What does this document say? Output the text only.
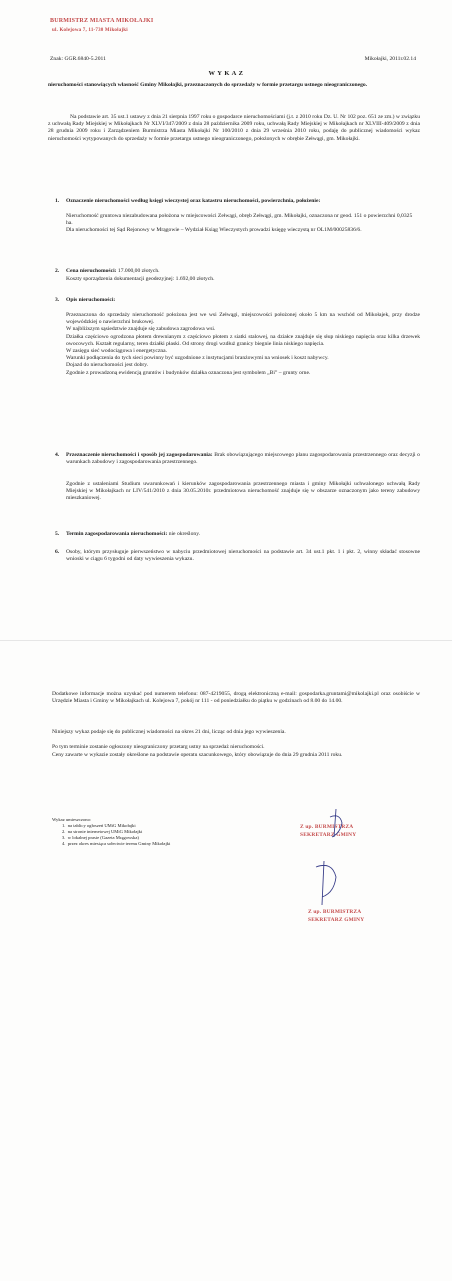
BURMISTRZ MIASTA MIKOŁAJKI
ul. Kolejowa 7, 11-730 Mikołajki
Znak: GGR.6840-5.2011	Mikołajki, 2011r.02.14
W Y K A Z
nieruchomości stanowiących własność Gminy Mikołajki, przeznaczonych do sprzedaży w formie przetargu ustnego nieograniczonego.
Na podstawie art. 35 ust.1 ustawy z dnia 21 sierpnia 1997 roku o gospodarce nieruchomościami (j.t. z 2010 roku Dz. U. Nr 102 poz. 651 ze zm.) w związku z uchwałą Rady Miejskiej w Mikołajkach Nr XLVI/347/2009 z dnia 28 października 2009 roku, uchwałą Rady Miejskiej w Mikołajkach nr XLVIII-409/2009 z dnia 28 grudnia 2009 roku i Zarządzeniem Burmistrza Miasta Mikołajki Nr 100/2010 z dnia 29 września 2010 roku, podaję do publicznej wiadomości wykaz nieruchomości wytypowanych do sprzedaży w formie przetargu ustnego nieograniczonego, położonych w obrębie Zełwągi, gm. Mikołajki.
1. Oznaczenie nieruchomości według księgi wieczystej oraz katastru nieruchomości, powierzchnia, położenie:
Nieruchomość gruntowa niezabudowana położona w miejscowości Zełwągi, obręb Zełwągi, gm. Mikołajki, oznaczona nr geod. 151 o powierzchni 0,0325 ha.
Dla nieruchomości tej Sąd Rejonowy w Mrągowie – Wydział Ksiąg Wieczystych prowadzi księgę wieczystą nr OL1M/00025836/6.
2. Cena nieruchomości: 17.000,00 złotych.
Koszty sporządzenia dokumentacji geodezyjnej: 1.692,00 złotych.
3. Opis nieruchomości:
Przeznaczona do sprzedaży nieruchomość położona jest we wsi Zełwągi, miejscowości położonej około 5 km na wschód od Mikołajek, przy drodze wojewódzkiej o nawierzchni brukowej.
W najbliższym sąsiedztwie znajduje się zabudowa zagrodowa wsi.
Działka częściowo ogrodzona płotem drewnianym z częściowo płotem z siatki stalowej, na działce znajduje się słup niskiego napięcia oraz kilka drzewek owocowych. Kształt regularny, teren działki płaski. Od strony drogi wzdłuż granicy biegnie linia niskiego napięcia.
W zasięgu sieć wodociągowa i energetyczna.
Warunki podłączenia do tych sieci powinny być uzgodnione z instytucjami branżowymi na wniosek i koszt nabywcy.
Dojazd do nieruchomości jest dobry.
Zgodnie z prowadzoną ewidencją gruntów i budynków działka oznaczona jest symbolem „Bi” – grunty orne.
4. Przeznaczenie nieruchomości i sposób jej zagospodarowania: Brak obowiązującego miejscowego planu zagospodarowania przestrzennego oraz decyzji o warunkach zabudowy i zagospodarowania przestrzennego.
Zgodnie z ustaleniami Studium uwarunkowań i kierunków zagospodarowania przestrzennego miasta i gminy Mikołajki uchwalonego uchwałą Rady Miejskiej w Mikołajkach nr LIV/541/2010 z dnia 30.05.2010r. przedmiotowa nieruchomość znajduje się w obszarze oznaczonym jako tereny zabudowy mieszkaniowej.
5. Termin zagospodarowania nieruchomości: nie określony.
6. Osoby, którym przysługuje pierwszeństwo w nabyciu przedmiotowej nieruchomości na podstawie art. 34 ust.1 pkt. 1 i pkt. 2, winny składać stosowne wnioski w ciągu 6 tygodni od daty wywieszenia wykazu.
Dodatkowe informacje można uzyskać pod numerem telefonu: 087-4219055, drogą elektroniczną e-mail: gospodarka.gruntami@mikolajki.pl oraz osobiście w Urzędzie Miasta i Gminy w Mikołajkach ul. Kolejowa 7, pokój nr 111 - od poniedziałku do piątku w godzinach od 8.00 do 14.00.
Niniejszy wykaz podaje się do publicznej wiadomości na okres 21 dni, licząc od dnia jego wywieszenia.
Po tym terminie zostanie ogłoszony nieograniczony przetarg ustny na sprzedaż nieruchomości.
Ceny zawarte w wykazie zostały określone na podstawie operatu szacunkowego, który obowiązuje do dnia 29 grudnia 2011 roku.
Wykaz umieszczono:
1.  na tablicy ogłoszeń UMiG Mikołajki
2.  na stronie internetowej UMiG Mikołajki
3.  w lokalnej prasie (Gazeta Mrągowska)
4.  przez okres miesiąca sołectwie terenu Gminy Mikołajki
Z up. BURMISTRZA
SEKRETARZ GMINY
Z up. BURMISTRZA
SEKRETARZ GMINY
